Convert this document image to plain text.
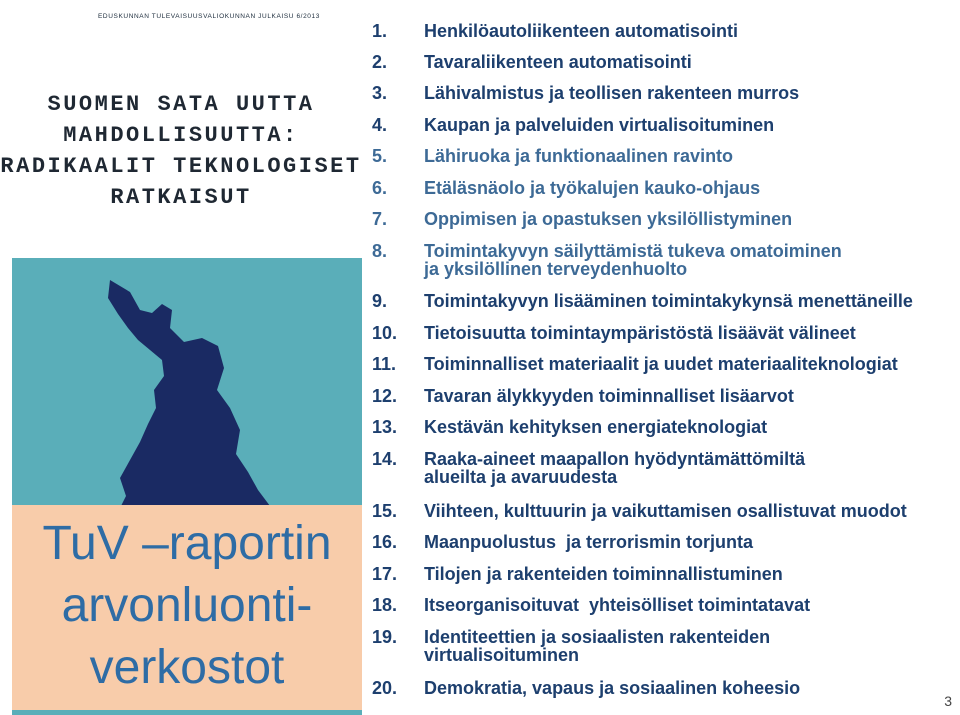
EDUSKUNNAN TULEVAISUUSVALIOKUNNAN JULKAISU 6/2013
SUOMEN SATA UUTTA
MAHDOLLISUUTTA:
RADIKAALIT TEKNOLOGISET
RATKAISUT
TuV –raportin
arvonluonti-
verkostot
1.	Henkilöautoliikenteen automatisointi
2.	Tavaraliikenteen automatisointi
3.	Lähivalmistus ja teollisen rakenteen murros
4.	Kaupan ja palveluiden virtualisoituminen
5.	Lähiruoka ja funktionaalinen ravinto
6.	Etäläsnäolo ja työkalujen kauko-ohjaus
7.	Oppimisen ja opastuksen yksilöllistyminen
8.	Toimintakyvyn säilyttämistä tukeva omatoiminen
ja yksilöllinen terveydenhuolto
9.	Toimintakyvyn lisääminen toimintakykynsä menettäneille
10.	Tietoisuutta toimintaympäristöstä lisäävät välineet
11.	Toiminnalliset materiaalit ja uudet materiaaliteknologiat
12.	Tavaran älykkyyden toiminnalliset lisäarvot
13.	Kestävän kehityksen energiateknologiat
14.	Raaka-aineet maapallon hyödyntämättömiltä
alueilta ja avaruudesta
15.	Viihteen, kulttuurin ja vaikuttamisen osallistuvat muodot
16.	Maanpuolustus  ja terrorismin torjunta
17.	Tilojen ja rakenteiden toiminnallistuminen
18.	Itseorganisoituvat  yhteisölliset toimintatavat
19.	Identiteettien ja sosiaalisten rakenteiden
virtualisoituminen
20.	Demokratia, vapaus ja sosiaalinen koheesio
3
